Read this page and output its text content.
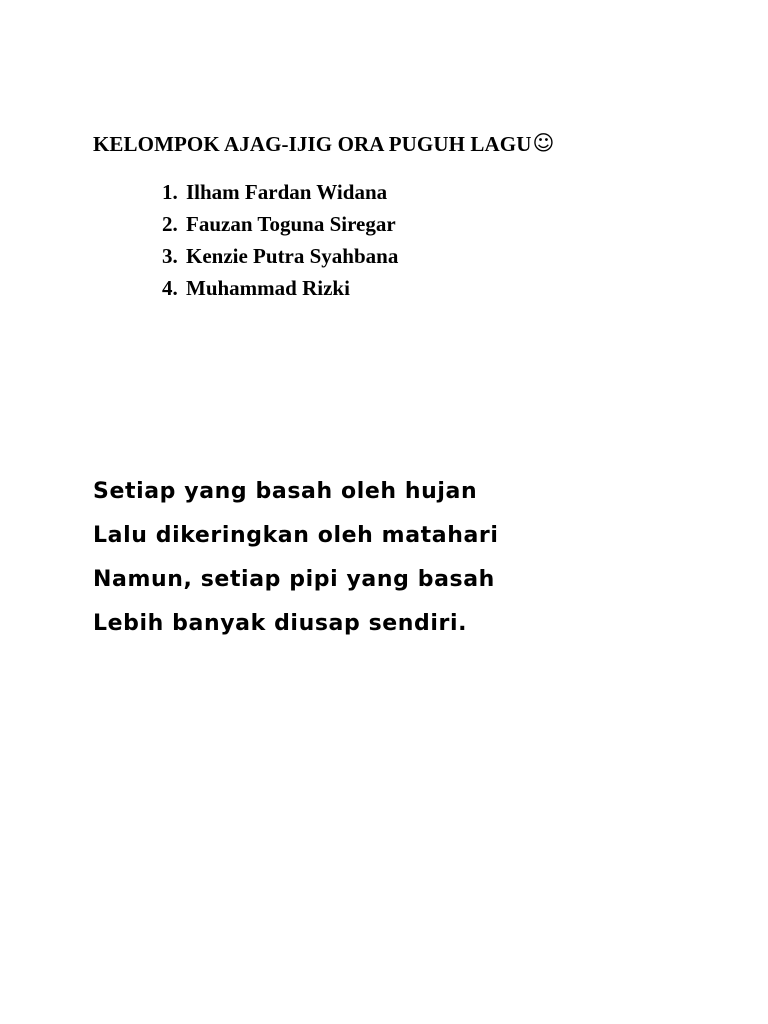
KELOMPOK AJAG-IJIG ORA PUGUH LAGU☺
1. Ilham Fardan Widana
2. Fauzan Toguna Siregar
3. Kenzie Putra Syahbana
4. Muhammad Rizki
Setiap yang basah oleh hujan
Lalu dikeringkan oleh matahari
Namun, setiap pipi yang basah
Lebih banyak diusap sendiri.
